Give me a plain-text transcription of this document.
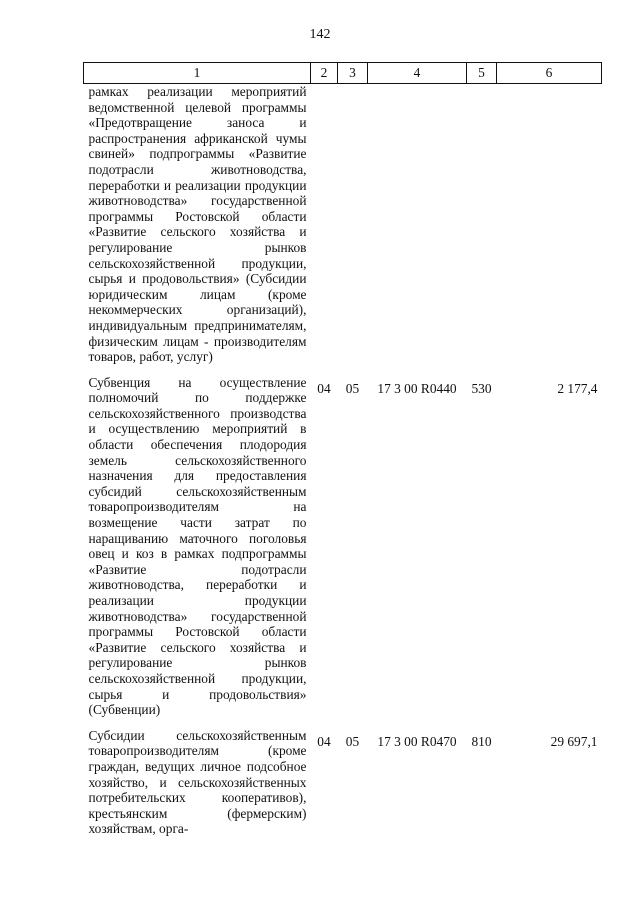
142
1	2	3	4	5	6
рамках реализации мероприятий ведомственной целевой программы «Предотвращение заноса и распространения африканской чумы свиней» подпрограммы «Развитие подотрасли животноводства, переработки и реализации продукции животноводства» государственной программы Ростовской области «Развитие сельского хозяйства и регулирование рынков сельскохозяйственной продукции, сырья и продовольствия» (Субсидии юридическим лицам (кроме некоммерческих организаций), индивидуальным предпринимателям, физическим лицам - производителям товаров, работ, услуг)					
Субвенция на осуществление полномочий по поддержке сельскохозяйственного производства и осуществлению мероприятий в области обеспечения плодородия земель сельскохозяйственного назначения для предоставления субсидий сельскохозяйственным товаропроизводителям на возмещение части затрат по наращиванию маточного поголовья овец и коз в рамках подпрограммы «Развитие подотрасли животноводства, переработки и реализации продукции животноводства» государственной программы Ростовской области «Развитие сельского хозяйства и регулирование рынков сельскохозяйственной продукции, сырья и продовольствия» (Субвенции)	04	05	17 3 00 R0440	530	2 177,4
Субсидии сельскохозяйственным товаропроизводителям (кроме граждан, ведущих личное подсобное хозяйство, и сельскохозяйственных потребительских кооперативов), крестьянским (фермерским) хозяйствам, орга-	04	05	17 3 00 R0470	810	29 697,1
